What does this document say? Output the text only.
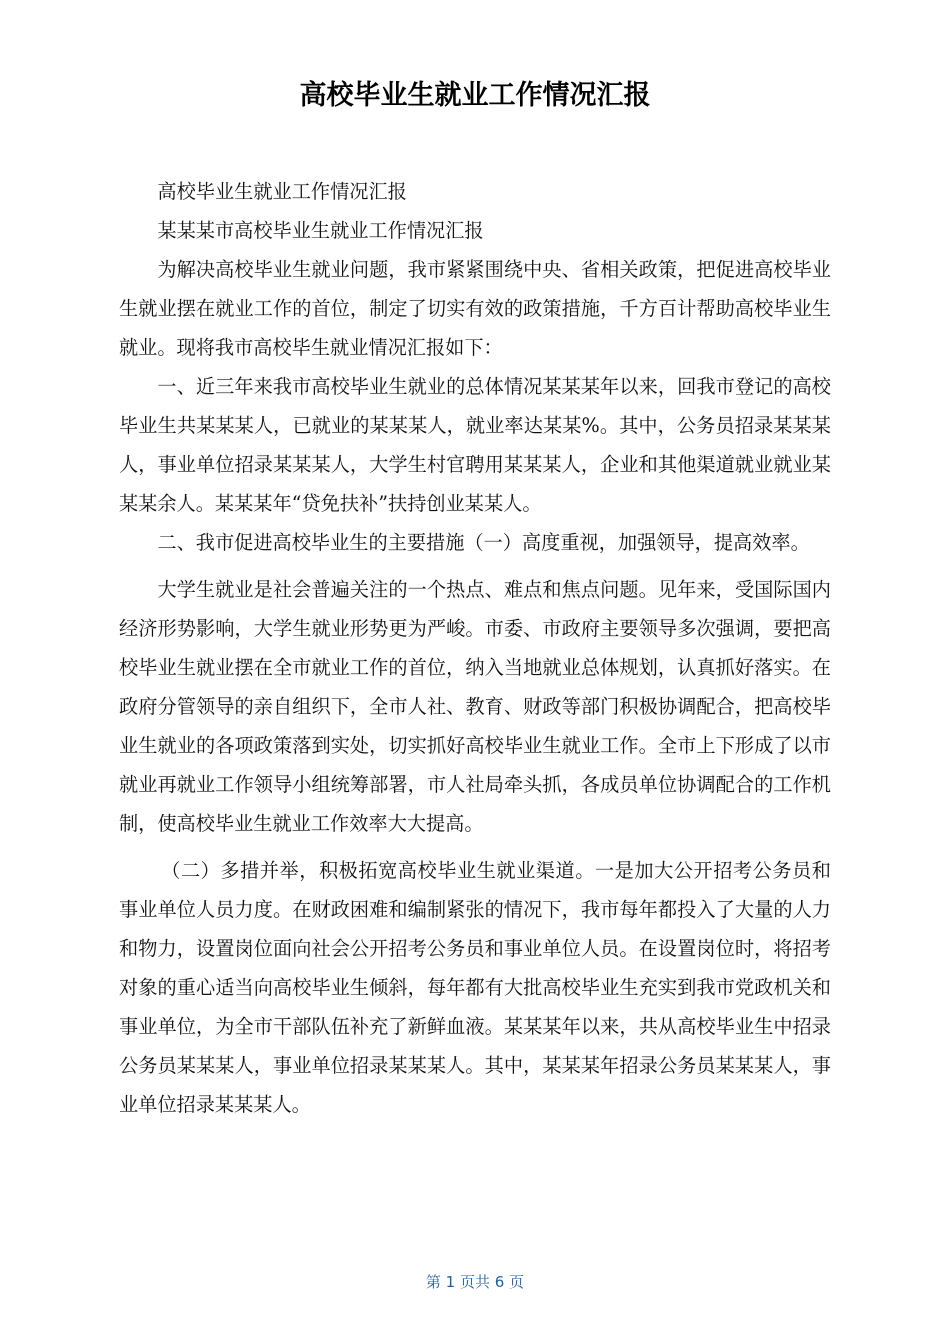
高校毕业生就业工作情况汇报

高校毕业生就业工作情况汇报

某某某市高校毕业生就业工作情况汇报

为解决高校毕业生就业问题，我市紧紧围绕中央、省相关政策，把促进高校毕业生就业摆在就业工作的首位，制定了切实有效的政策措施，千方百计帮助高校毕业生就业。现将我市高校毕生就业情况汇报如下：

一、近三年来我市高校毕业生就业的总体情况某某某年以来，回我市登记的高校毕业生共某某某人，已就业的某某某人，就业率达某某%。其中，公务员招录某某某人，事业单位招录某某某人，大学生村官聘用某某某人，企业和其他渠道就业就业某某某余人。某某某年“贷免扶补”扶持创业某某人。

二、我市促进高校毕业生的主要措施（一）高度重视，加强领导，提高效率。

大学生就业是社会普遍关注的一个热点、难点和焦点问题。见年来，受国际国内经济形势影响，大学生就业形势更为严峻。市委、市政府主要领导多次强调，要把高校毕业生就业摆在全市就业工作的首位，纳入当地就业总体规划，认真抓好落实。在政府分管领导的亲自组织下，全市人社、教育、财政等部门积极协调配合，把高校毕业生就业的各项政策落到实处，切实抓好高校毕业生就业工作。全市上下形成了以市就业再就业工作领导小组统筹部署，市人社局牵头抓，各成员单位协调配合的工作机制，使高校毕业生就业工作效率大大提高。

（二）多措并举，积极拓宽高校毕业生就业渠道。一是加大公开招考公务员和事业单位人员力度。在财政困难和编制紧张的情况下，我市每年都投入了大量的人力和物力，设置岗位面向社会公开招考公务员和事业单位人员。在设置岗位时，将招考对象的重心适当向高校毕业生倾斜，每年都有大批高校毕业生充实到我市党政机关和事业单位，为全市干部队伍补充了新鲜血液。某某某年以来，共从高校毕业生中招录公务员某某某人，事业单位招录某某某人。其中，某某某年招录公务员某某某人，事业单位招录某某某人。

第 1 页共 6 页
